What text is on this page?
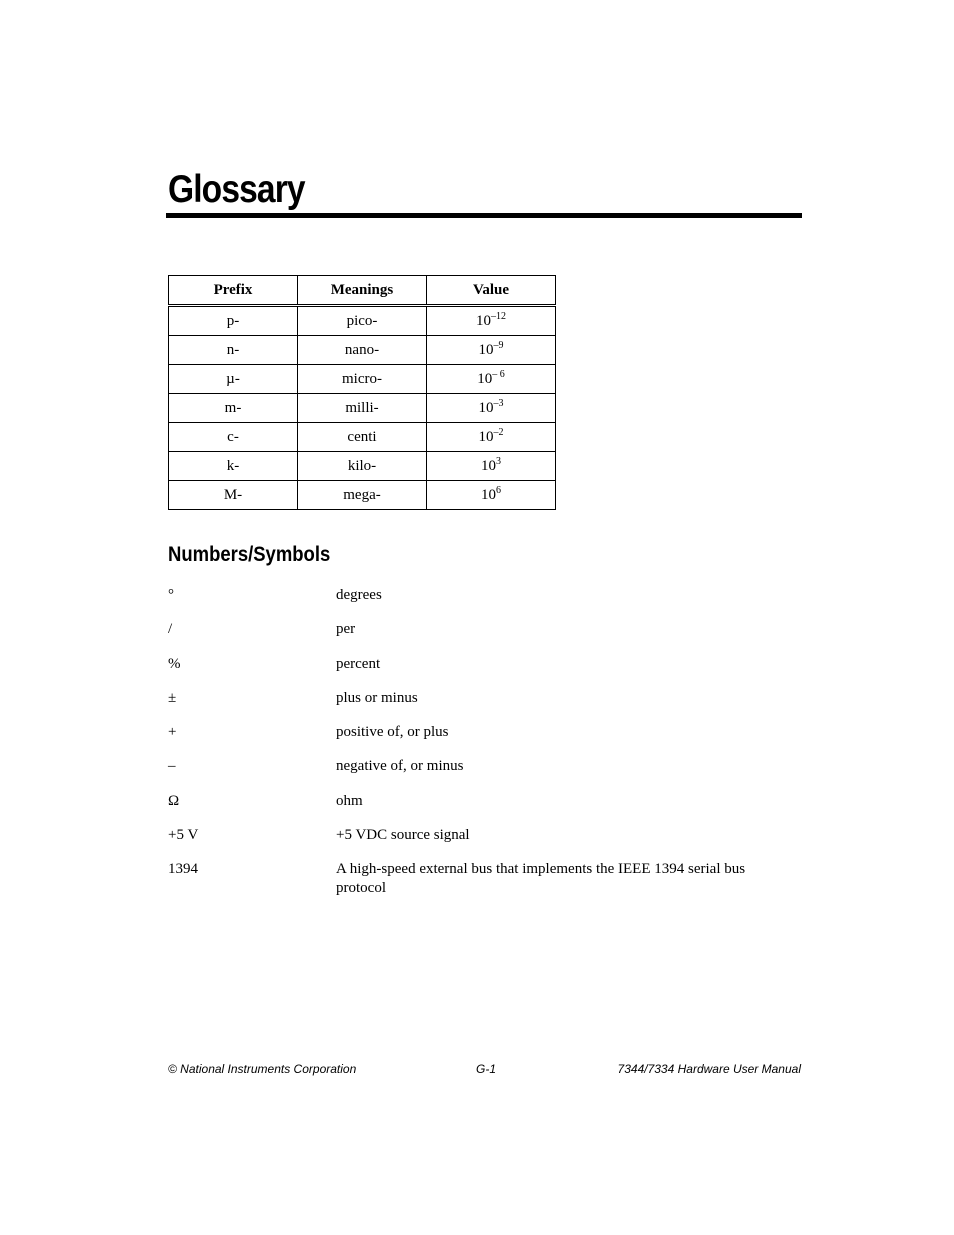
Glossary
Prefix	Meanings	Value
p-	pico-	$10^{-12}$
n-	nano-	$10^{-9}$
µ-	micro-	$10^{- 6}$
m-	milli-	$10^{-3}$
c-	centi	$10^{-2}$
k-	kilo-	$10^3$
M-	mega-	$10^6$
Numbers/Symbols
°	degrees
/	per
%	percent
±	plus or minus
+	positive of, or plus
–	negative of, or minus
Ω	ohm
+5 V	+5 VDC source signal
1394	A high-speed external bus that implements the IEEE 1394 serial bus protocol
© National Instruments Corporation	G-1	7344/7334 Hardware User Manual
